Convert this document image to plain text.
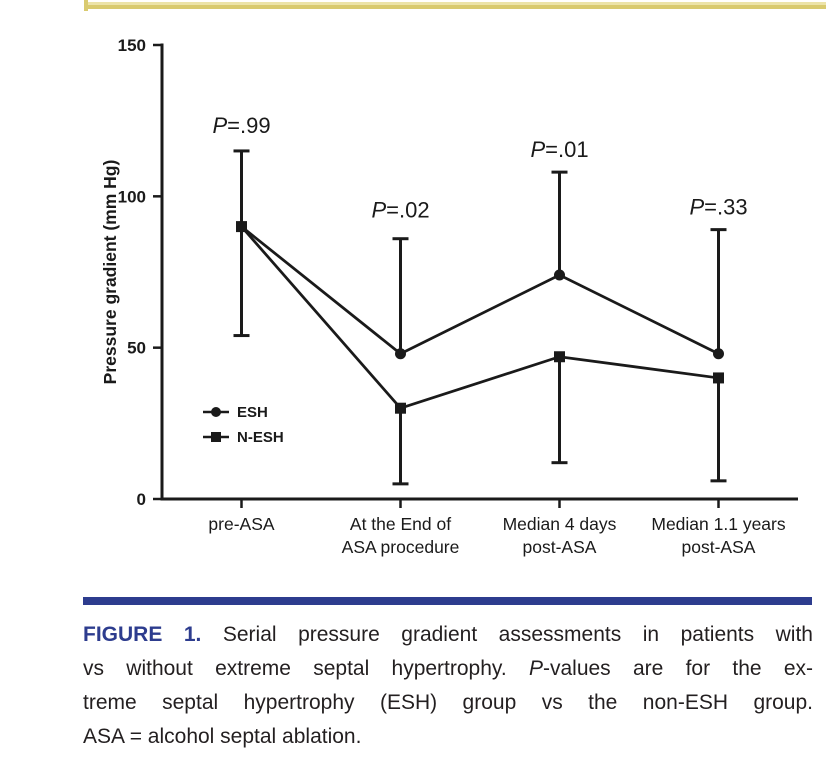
Pressure gradient (mm Hg)
0
50
100
150
pre-ASA	At the End of ASA procedure
Median 4 days post-ASA
Median 1.1 years post-ASA
ESH
N-ESH
P=.99
P=.02
P=.01
P=.33
FIGURE 1. Serial pressure gradient assessments in patients with
vs without extreme septal hypertrophy. P-values are for the ex-
treme septal hypertrophy (ESH) group vs the non-ESH group.
ASA = alcohol septal ablation.
